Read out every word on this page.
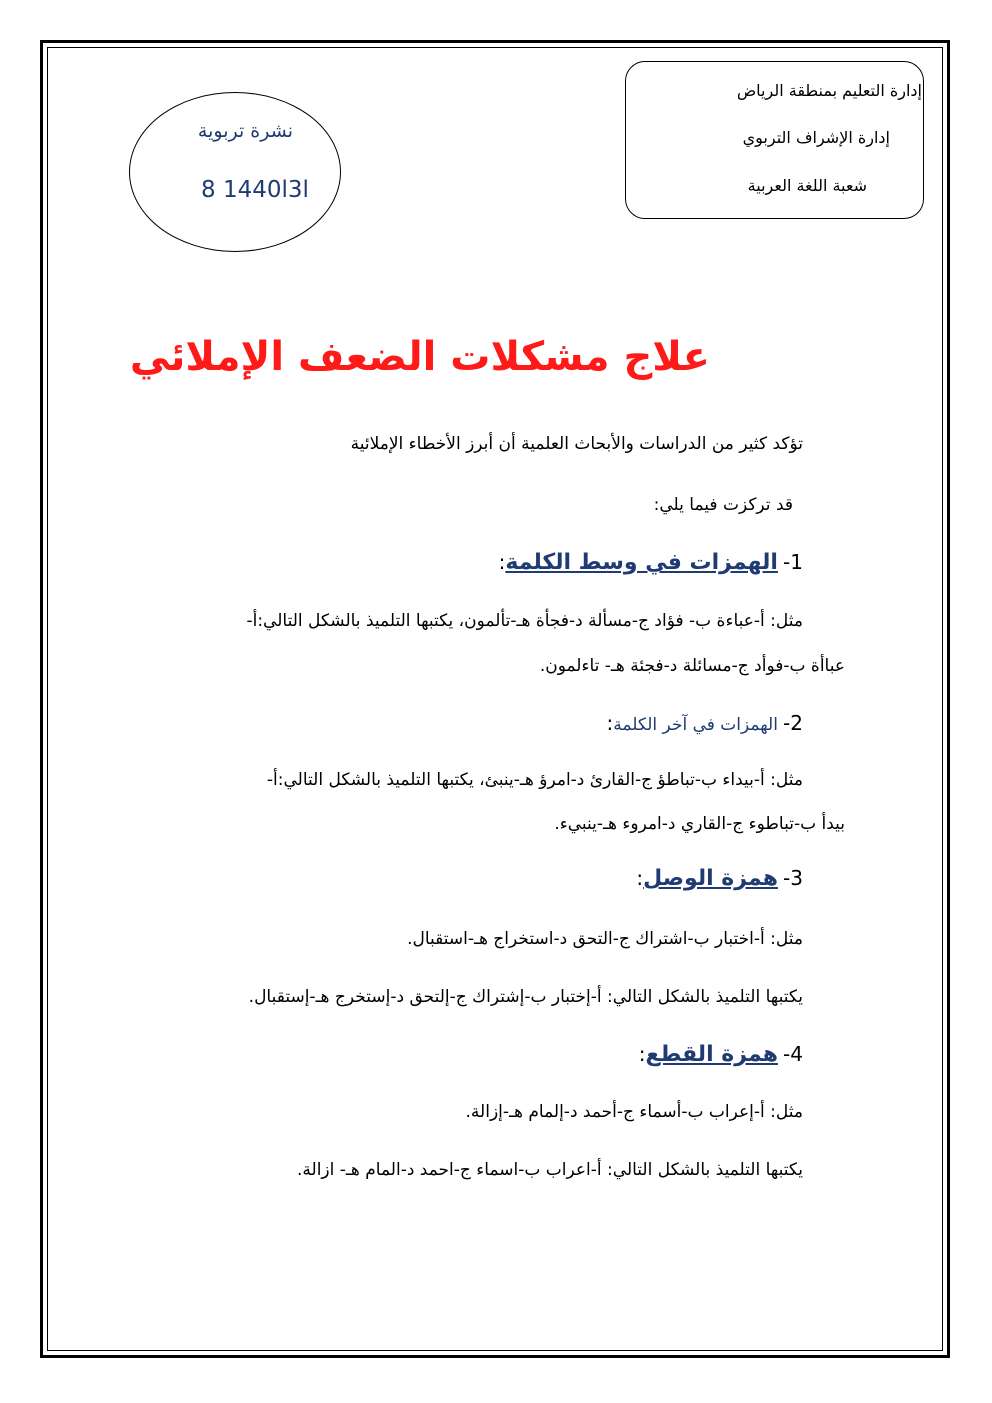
إدارة التعليم بمنطقة الرياض
إدارة الإشراف التربوي
شعبة اللغة العربية
نشرة تربوية
8 ا3ا1440
علاج مشكلات الضعف الإملائي
تؤكد كثير من الدراسات والأبحاث العلمية أن أبرز الأخطاء الإملائية
قد تركزت فيما يلي:
1- الهمزات في وسط الكلمة:
مثل: أ-عباءة ب- فؤاد ج-مسألة د-فجأة هـ-تألمون، يكتبها التلميذ بالشكل التالي:أ-
عباأة ب-فوأد ج-مسائلة د-فجئة هـ- تاءلمون.
2- الهمزات في آخر الكلمة:
مثل: أ-بيداء ب-تباطؤ ج-القارئ د-امرؤ هـ-ينبئ، يكتبها التلميذ بالشكل التالي:أ-
بيدأ ب-تباطوء ج-القاري د-امروء هـ-ينبيء.
3- همزة الوصل:
مثل: أ-اختبار ب-اشتراك ج-التحق د-استخراج هـ-استقبال.
يكتبها التلميذ بالشكل التالي: أ-إختبار ب-إشتراك ج-إلتحق د-إستخرج هـ-إستقبال.
4- همزة القطع:
مثل: أ-إعراب ب-أسماء ج-أحمد د-إلمام هـ-إزالة.
يكتبها التلميذ بالشكل التالي: أ-اعراب ب-اسماء ج-احمد د-المام هـ- ازالة.
